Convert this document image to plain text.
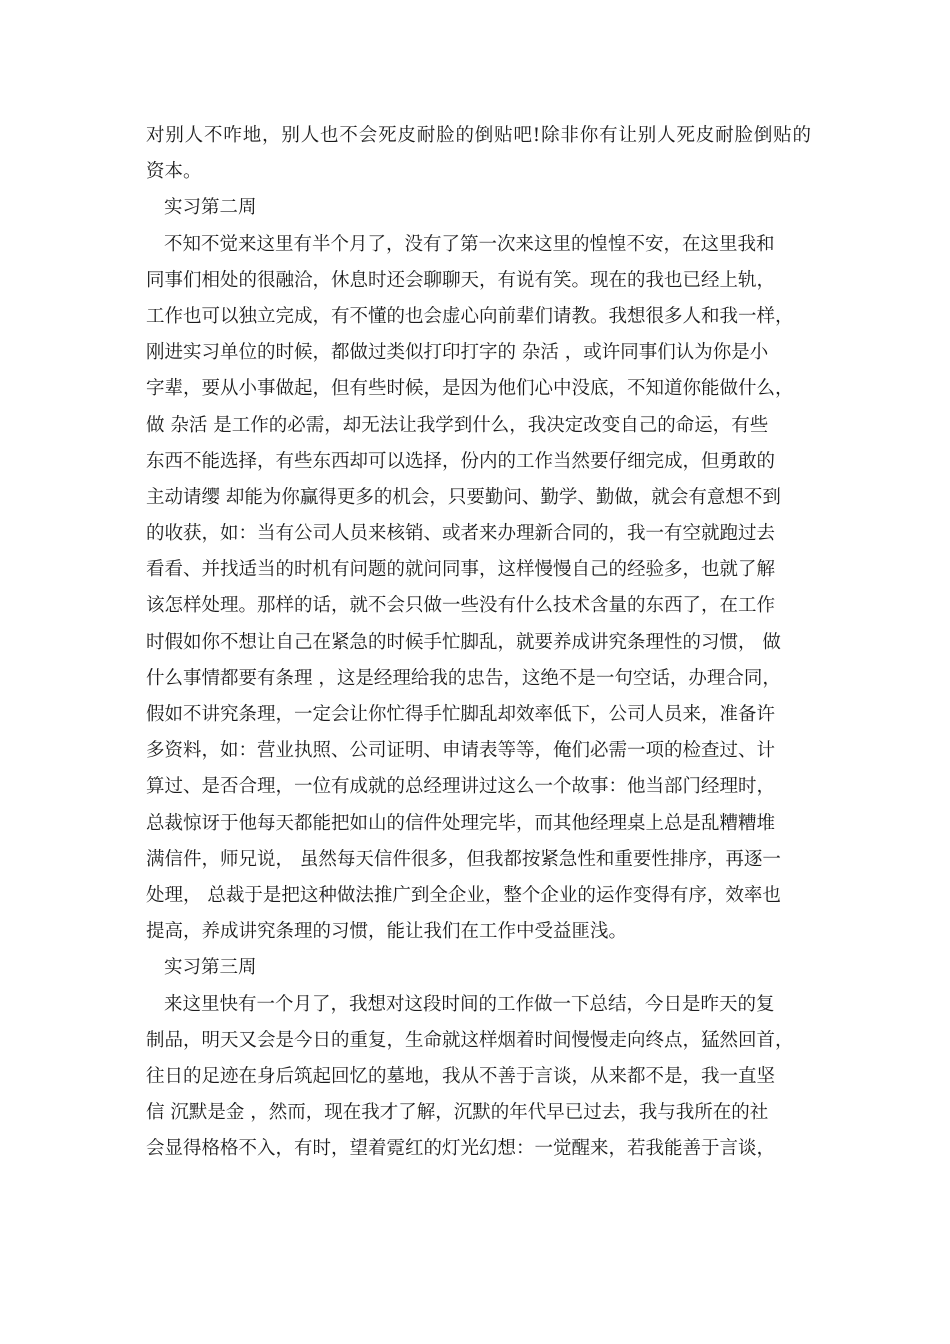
对别人不咋地，别人也不会死皮耐脸的倒贴吧!除非你有让别人死皮耐脸倒贴的
资本。
实习第二周
不知不觉来这里有半个月了，没有了第一次来这里的惶惶不安，在这里我和
同事们相处的很融洽，休息时还会聊聊天，有说有笑。现在的我也已经上轨，
工作也可以独立完成，有不懂的也会虚心向前辈们请教。我想很多人和我一样，
刚进实习单位的时候，都做过类似打印打字的 杂活 ，或许同事们认为你是小
字辈，要从小事做起，但有些时候，是因为他们心中没底，不知道你能做什么，
做 杂活 是工作的必需，却无法让我学到什么，我决定改变自己的命运，有些
东西不能选择，有些东西却可以选择，份内的工作当然要仔细完成，但勇敢的
主动请缨 却能为你赢得更多的机会，只要勤问、勤学、勤做，就会有意想不到
的收获，如：当有公司人员来核销、或者来办理新合同的，我一有空就跑过去
看看、并找适当的时机有问题的就问同事，这样慢慢自己的经验多，也就了解
该怎样处理。那样的话，就不会只做一些没有什么技术含量的东西了，在工作
时假如你不想让自己在紧急的时候手忙脚乱，就要养成讲究条理性的习惯， 做
什么事情都要有条理 ，这是经理给我的忠告，这绝不是一句空话，办理合同，
假如不讲究条理，一定会让你忙得手忙脚乱却效率低下，公司人员来，准备许
多资料，如：营业执照、公司证明、申请表等等，俺们必需一项的检查过、计
算过、是否合理，一位有成就的总经理讲过这么一个故事：他当部门经理时，
总裁惊讶于他每天都能把如山的信件处理完毕，而其他经理桌上总是乱糟糟堆
满信件，师兄说， 虽然每天信件很多，但我都按紧急性和重要性排序，再逐一
处理， 总裁于是把这种做法推广到全企业，整个企业的运作变得有序，效率也
提高，养成讲究条理的习惯，能让我们在工作中受益匪浅。
实习第三周
来这里快有一个月了，我想对这段时间的工作做一下总结，今日是昨天的复
制品，明天又会是今日的重复，生命就这样烟着时间慢慢走向终点，猛然回首，
往日的足迹在身后筑起回忆的墓地，我从不善于言谈，从来都不是，我一直坚
信 沉默是金 ，然而，现在我才了解，沉默的年代早已过去，我与我所在的社
会显得格格不入，有时，望着霓红的灯光幻想：一觉醒来，若我能善于言谈，
